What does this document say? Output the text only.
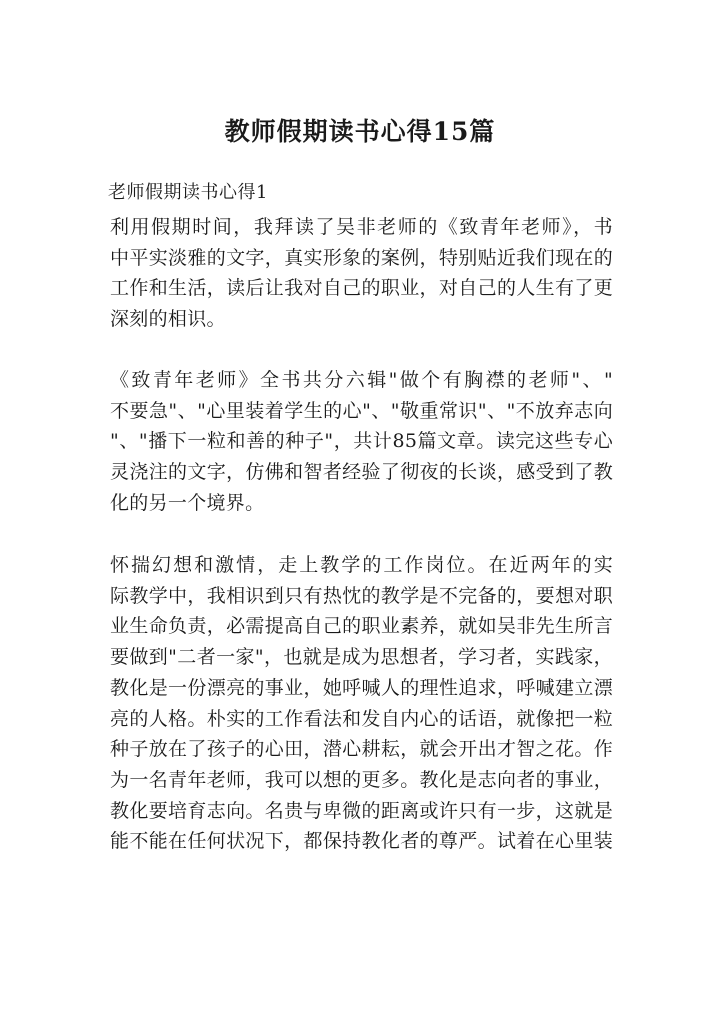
教师假期读书心得15篇
老师假期读书心得1
利用假期时间，我拜读了吴非老师的《致青年老师》，书
中平实淡雅的文字，真实形象的案例，特别贴近我们现在的
工作和生活，读后让我对自己的职业，对自己的人生有了更
深刻的相识。
《致青年老师》全书共分六辑"做个有胸襟的老师"、"
不要急"、"心里装着学生的心"、"敬重常识"、"不放弃志向
"、"播下一粒和善的种子"，共计85篇文章。读完这些专心
灵浇注的文字，仿佛和智者经验了彻夜的长谈，感受到了教
化的另一个境界。
怀揣幻想和激情，走上教学的工作岗位。在近两年的实
际教学中，我相识到只有热忱的教学是不完备的，要想对职
业生命负责，必需提高自己的职业素养，就如吴非先生所言
要做到"二者一家"，也就是成为思想者，学习者，实践家，
教化是一份漂亮的事业，她呼喊人的理性追求，呼喊建立漂
亮的人格。朴实的工作看法和发自内心的话语，就像把一粒
种子放在了孩子的心田，潜心耕耘，就会开出才智之花。作
为一名青年老师，我可以想的更多。教化是志向者的事业，
教化要培育志向。名贵与卑微的距离或许只有一步，这就是
能不能在任何状况下，都保持教化者的尊严。试着在心里装
